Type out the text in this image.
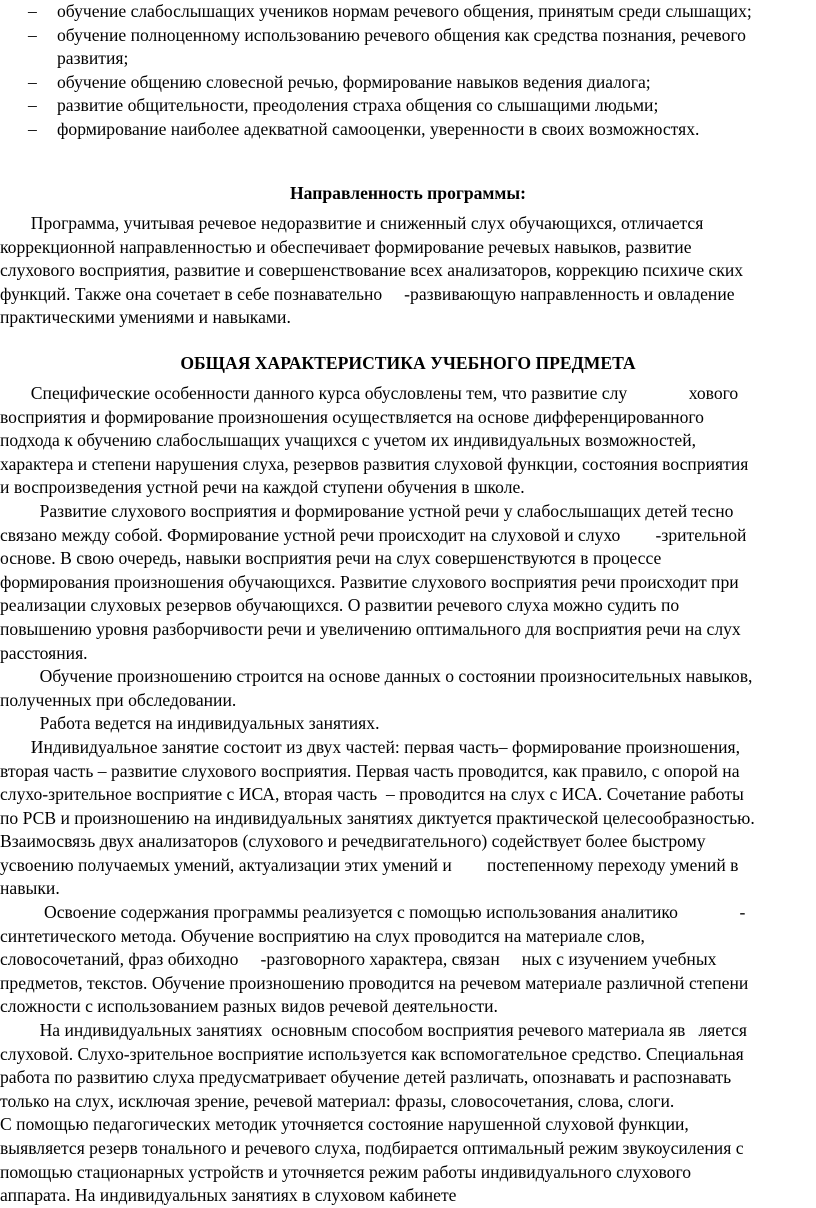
– обучение слабослышащих учеников нормам речевого общения, принятым среди слышащих;
– обучение полноценному использованию речевого общения как средства познания, речевого
развития;
– обучение общению словесной речью, формирование навыков ведения диалога;
– развитие общительности, преодоления страха общения со слышащими людьми;
– формирование наиболее адекватной самооценки, уверенности в своих возможностях.
Направленность программы:
Программа, учитывая речевое недоразвитие и сниженный слух обучающихся, отличается
коррекционной направленностью и обеспечивает формирование речевых навыков, развитие
слухового восприятия, развитие и совершенствование всех анализаторов, коррекцию психиче скиx
функций. Также она сочетает в себе познавательно     -развивающую направленность и овладение
практическими умениями и навыками.
ОБЩАЯ ХАРАКТЕРИСТИКА УЧЕБНОГО ПРЕДМЕТА
Специфические особенности данного курса обусловлены тем, что развитие слу              хового
восприятия и формирование произношения осуществляется на основе дифференцированного
подхода к обучению слабослышащих учащихся с учетом их индивидуальных возможностей,
характера и степени нарушения слуха, резервов развития слуховой функции, состояния восприятия
и воспроизведения устной речи на каждой ступени обучения в школе.
Развитие слухового восприятия и формирование устной речи у слабослышащих детей тесно
связано между собой. Формирование устной речи происходит на слуховой и слухо        -зрительной
основе. В свою очередь, навыки восприятия речи на слух совершенствуются в процессе
формирования произношения обучающихся. Развитие слухового восприятия речи происходит при
реализации слуховых резервов обучающихся. О развитии речевого слуха можно судить по
повышению уровня разборчивости речи и увеличению оптимального для восприятия речи на слух
расстояния.
Обучение произношению строится на основе данных о состоянии произносительных навыков,
полученных при обследовании.
Работа ведется на индивидуальных занятиях.
Индивидуальное занятие состоит из двух частей: первая часть– формирование произношения,
вторая часть – развитие слухового восприятия. Первая часть проводится, как правило, с опорой на
слухо-зрительное восприятие с ИСА, вторая часть  – проводится на слух с ИСА. Сочетание работы
по РСВ и произношению на индивидуальных занятиях диктуется практической целесообразностью.
Взаимосвязь двух анализаторов (слухового и речедвигательного) содействует более быстрому
усвоению получаемых умений, актуализации этих умений и        постепенному переходу умений в
навыки.
Освоение содержания программы реализуется с помощью использования аналитико              -
синтетического метода. Обучение восприятию на слух проводится на материале слов,
словосочетаний, фраз обиходно     -разговорного характера, связан     ных с изучением учебных
предметов, текстов. Обучение произношению проводится на речевом материале различной степени
сложности с использованием разных видов речевой деятельности.
На индивидуальных занятиях  основным способом восприятия речевого материала яв   ляется
слуховой. Слухо-зрительное восприятие используется как вспомогательное средство. Специальная
работа по развитию слуха предусматривает обучение детей различать, опознавать и распознавать
только на слух, исключая зрение, речевой материал: фразы, словосочетания, слова, слоги.
С помощью педагогических методик уточняется состояние нарушенной слуховой функции,
выявляется резерв тонального и речевого слуха, подбирается оптимальный режим звукоусиления с
помощью стационарных устройств и уточняется режим работы индивидуального слухового
аппарата. На индивидуальных занятиях в слуховом кабинете
